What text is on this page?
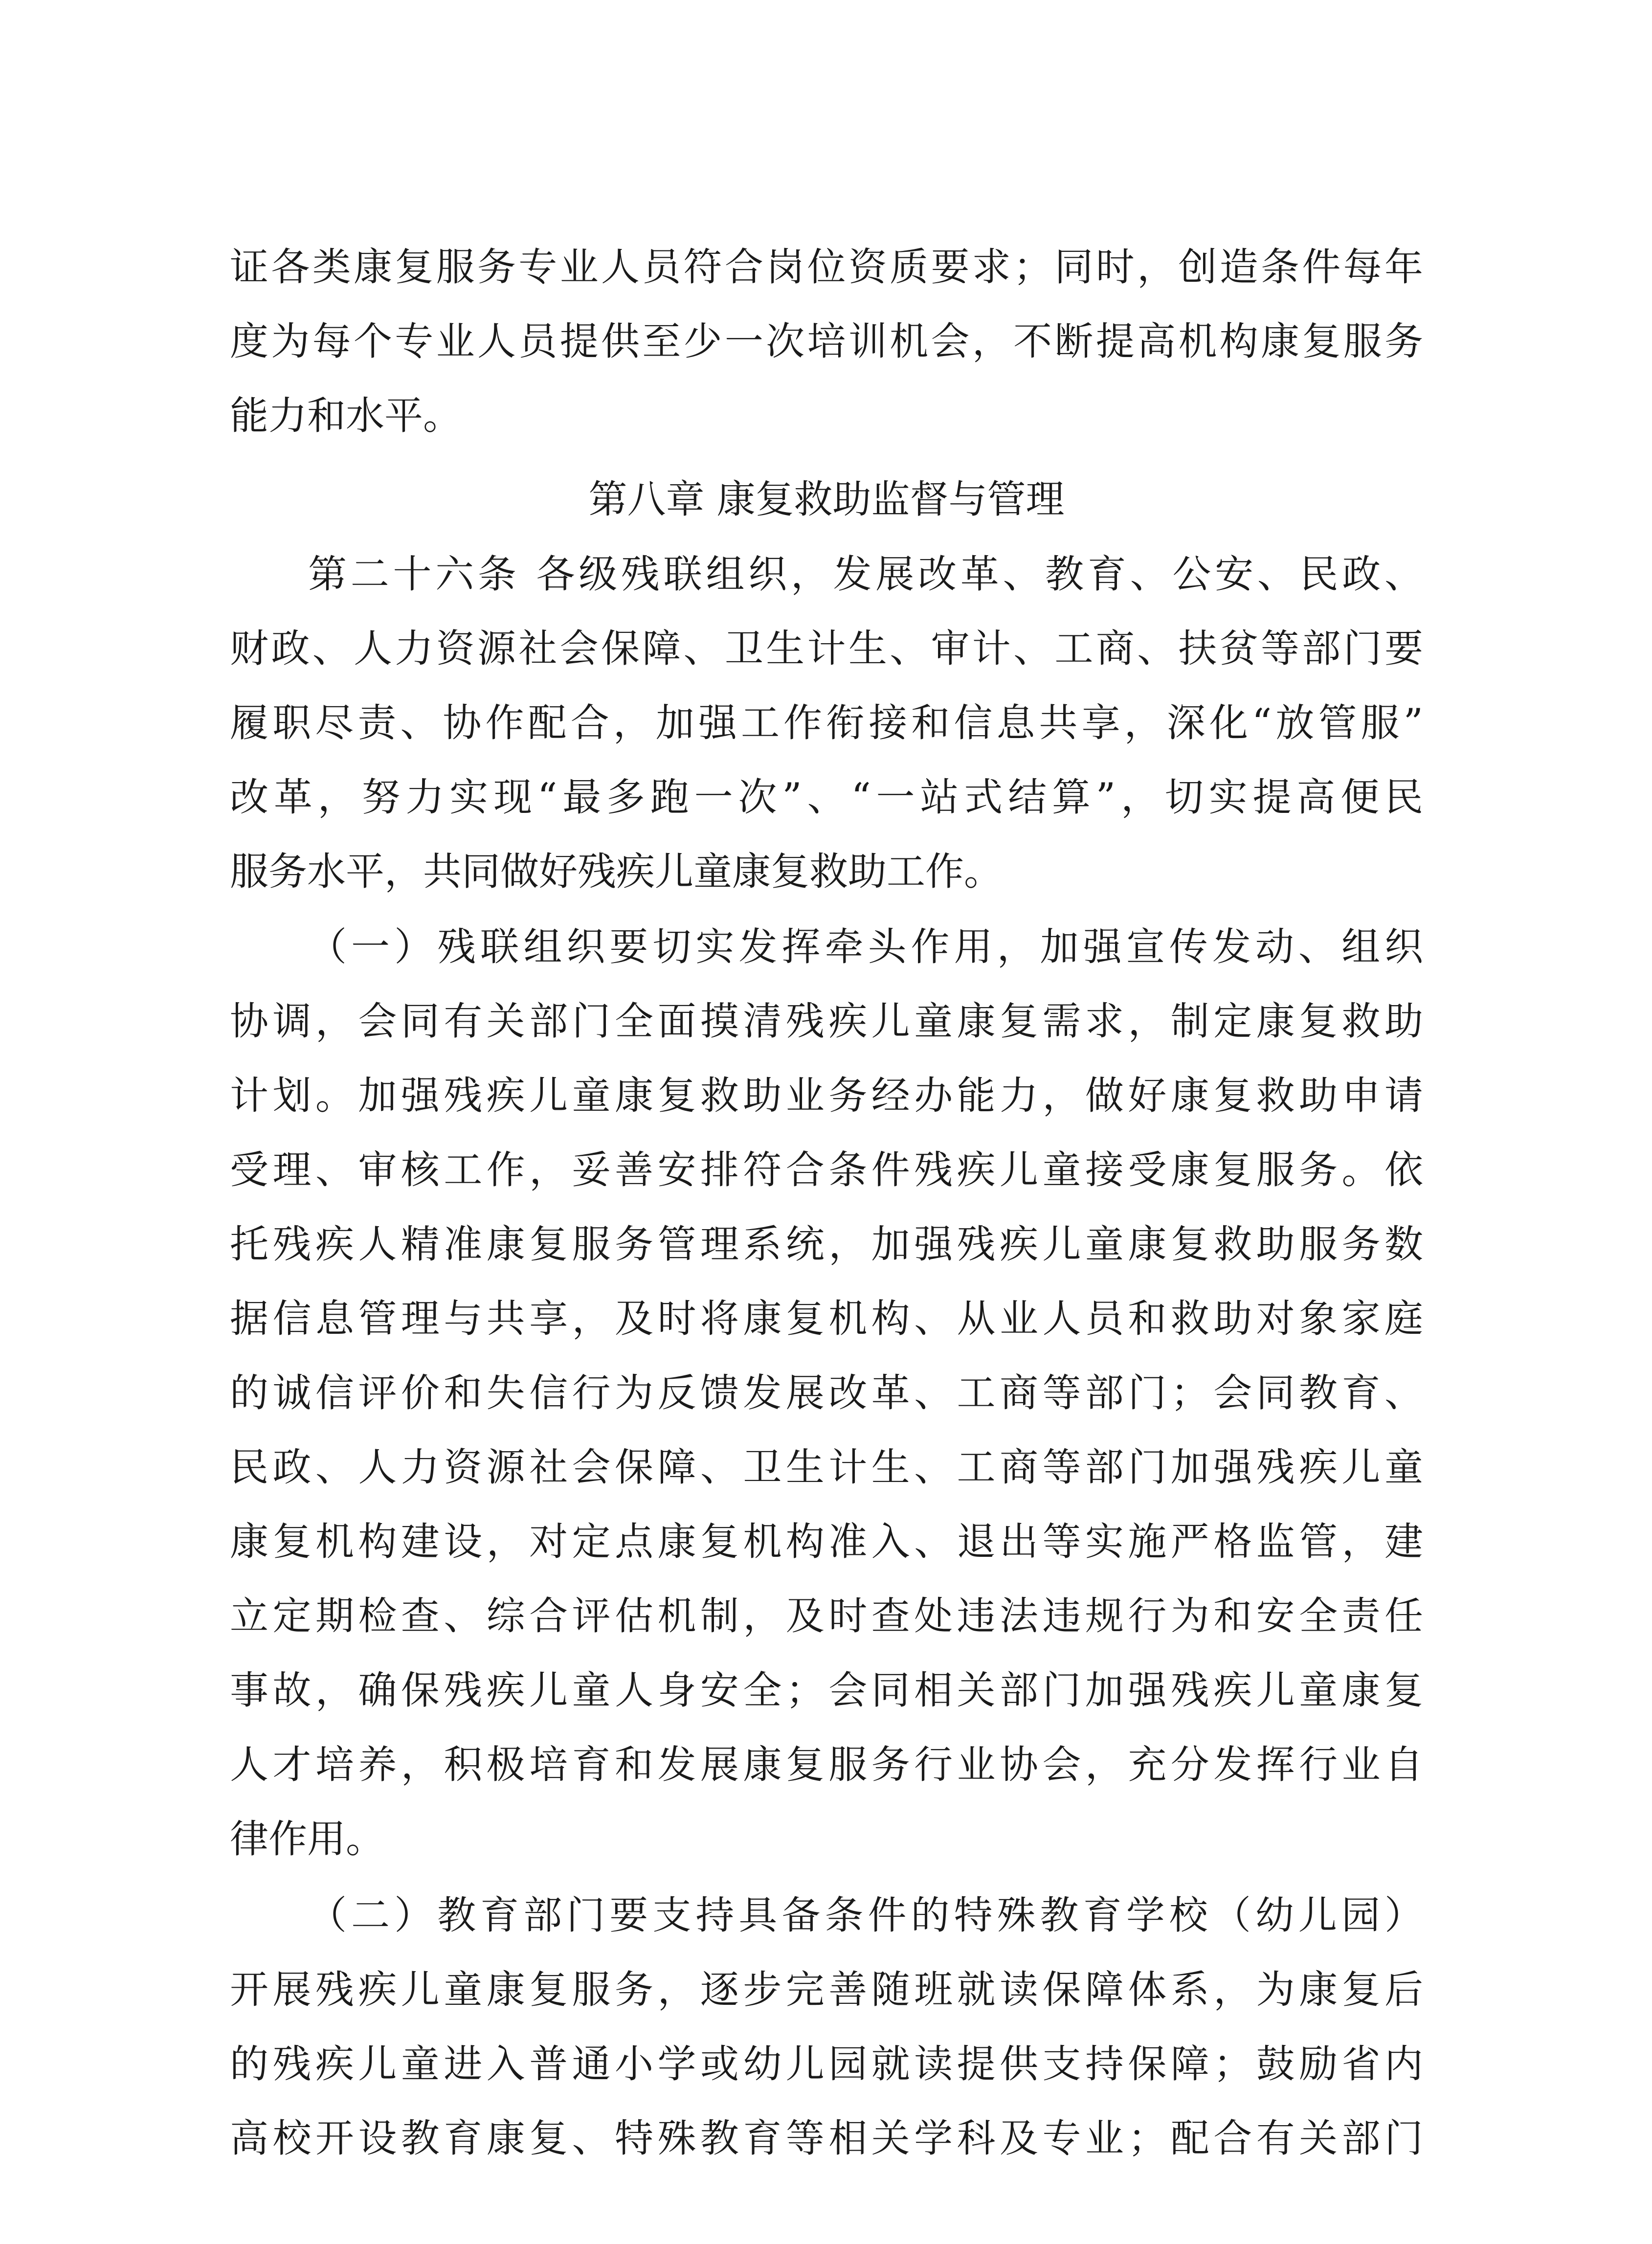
证各类康复服务专业人员符合岗位资质要求；同时，创造条件每年
度为每个专业人员提供至少一次培训机会，不断提高机构康复服务
能力和水平。
第八章 康复救助监督与管理
第二十六条 各级残联组织，发展改革、教育、公安、民政、
财政、人力资源社会保障、卫生计生、审计、工商、扶贫等部门要
履职尽责、协作配合，加强工作衔接和信息共享，深化“放管服”
改革，努力实现“最多跑一次”、“一站式结算”，切实提高便民
服务水平，共同做好残疾儿童康复救助工作。
（一）残联组织要切实发挥牵头作用，加强宣传发动、组织
协调，会同有关部门全面摸清残疾儿童康复需求，制定康复救助
计划。加强残疾儿童康复救助业务经办能力，做好康复救助申请
受理、审核工作，妥善安排符合条件残疾儿童接受康复服务。依
托残疾人精准康复服务管理系统，加强残疾儿童康复救助服务数
据信息管理与共享，及时将康复机构、从业人员和救助对象家庭
的诚信评价和失信行为反馈发展改革、工商等部门；会同教育、
民政、人力资源社会保障、卫生计生、工商等部门加强残疾儿童
康复机构建设，对定点康复机构准入、退出等实施严格监管，建
立定期检查、综合评估机制，及时查处违法违规行为和安全责任
事故，确保残疾儿童人身安全；会同相关部门加强残疾儿童康复
人才培养，积极培育和发展康复服务行业协会，充分发挥行业自
律作用。
（二）教育部门要支持具备条件的特殊教育学校（幼儿园）
开展残疾儿童康复服务，逐步完善随班就读保障体系，为康复后
的残疾儿童进入普通小学或幼儿园就读提供支持保障；鼓励省内
高校开设教育康复、特殊教育等相关学科及专业；配合有关部门
